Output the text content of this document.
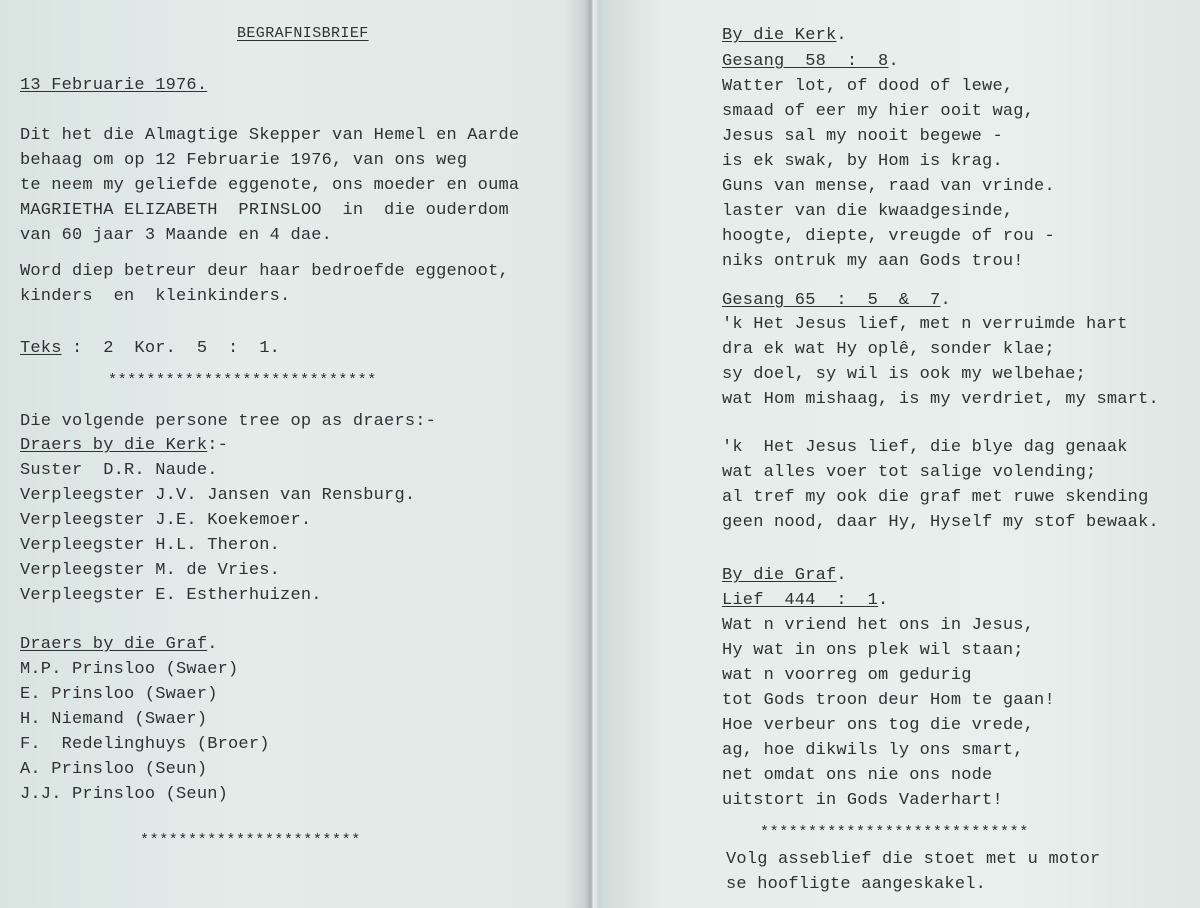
BEGRAFNISBRIEF

13 Februarie 1976.

Dit het die Almagtige Skepper van Hemel en Aarde

behaag om op 12 Februarie 1976, van ons weg

te neem my geliefde eggenote, ons moeder en ouma

MAGRIETHA ELIZABETH  PRINSLOO  in  die ouderdom

van 60 jaar 3 Maande en 4 dae.

Word diep betreur deur haar bedroefde eggenoot,

kinders  en  kleinkinders.

Teks :  2  Kor.  5  :  1.

****************************

Die volgende persone tree op as draers:-

Draers by die Kerk:-

Suster  D.R. Naude.

Verpleegster J.V. Jansen van Rensburg.

Verpleegster J.E. Koekemoer.

Verpleegster H.L. Theron.

Verpleegster M. de Vries.

Verpleegster E. Estherhuizen.

Draers by die Graf.

M.P. Prinsloo (Swaer)

E. Prinsloo (Swaer)

H. Niemand (Swaer)

F.  Redelinghuys (Broer)

A. Prinsloo (Seun)

J.J. Prinsloo (Seun)

***********************

By die Kerk.

Gesang  58  :  8.

Watter lot, of dood of lewe,

smaad of eer my hier ooit wag,

Jesus sal my nooit begewe -

is ek swak, by Hom is krag.

Guns van mense, raad van vrinde.

laster van die kwaadgesinde,

hoogte, diepte, vreugde of rou -

niks ontruk my aan Gods trou!

Gesang 65  :  5  &  7.

'k Het Jesus lief, met n verruimde hart

dra ek wat Hy oplê, sonder klae;

sy doel, sy wil is ook my welbehae;

wat Hom mishaag, is my verdriet, my smart.

'k  Het Jesus lief, die blye dag genaak

wat alles voer tot salige volending;

al tref my ook die graf met ruwe skending

geen nood, daar Hy, Hyself my stof bewaak.

By die Graf.

Lief  444  :  1.

Wat n vriend het ons in Jesus,

Hy wat in ons plek wil staan;

wat n voorreg om gedurig

tot Gods troon deur Hom te gaan!

Hoe verbeur ons tog die vrede,

ag, hoe dikwils ly ons smart,

net omdat ons nie ons node

uitstort in Gods Vaderhart!

****************************

Volg asseblief die stoet met u motor

se hoofligte aangeskakel.
